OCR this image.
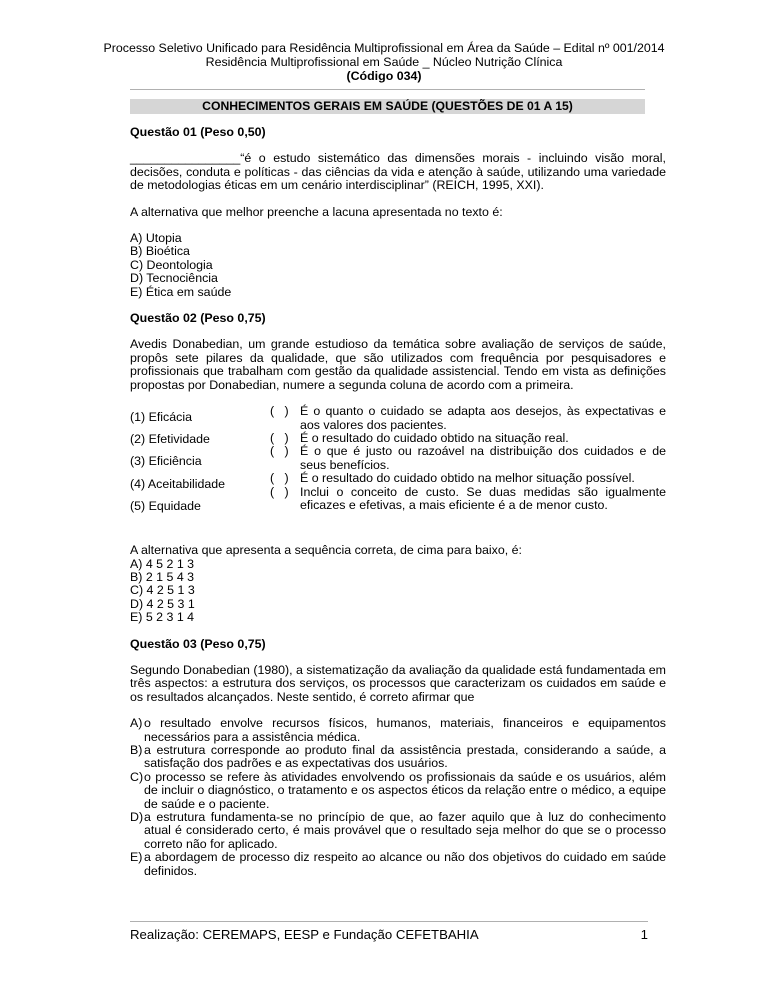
Processo Seletivo Unificado para Residência Multiprofissional em Área da Saúde – Edital nº 001/2014
Residência Multiprofissional em Saúde _ Núcleo Nutrição Clínica
(Código 034)
CONHECIMENTOS GERAIS EM SAÚDE (QUESTÕES DE 01 A 15)
Questão 01 (Peso 0,50)

________________“é o estudo sistemático das dimensões morais - incluindo visão moral, decisões, conduta e políticas - das ciências da vida e atenção à saúde, utilizando uma variedade de metodologias éticas em um cenário interdisciplinar” (REICH, 1995, XXI).

A alternativa que melhor preenche a lacuna apresentada no texto é:

A) Utopia
B) Bioética
C) Deontologia
D) Tecnociência
E) Ética em saúde
Questão 02 (Peso 0,75)

Avedis Donabedian, um grande estudioso da temática sobre avaliação de serviços de saúde, propôs sete pilares da qualidade, que são utilizados com frequência por pesquisadores e profissionais que trabalham com gestão da qualidade assistencial. Tendo em vista as definições propostas por Donabedian, numere a segunda coluna de acordo com a primeira.

(1) Eficácia
(2) Efetividade
(3) Eficiência
(4) Aceitabilidade
(5) Equidade
(   ) É o quanto o cuidado se adapta aos desejos, às expectativas e aos valores dos pacientes.
(   ) É o resultado do cuidado obtido na situação real.
(   ) É o que é justo ou razoável na distribuição dos cuidados e de seus benefícios.
(   ) É o resultado do cuidado obtido na melhor situação possível.
(   ) Inclui o conceito de custo. Se duas medidas são igualmente eficazes e efetivas, a mais eficiente é a de menor custo.
A alternativa que apresenta a sequência correta, de cima para baixo, é:
A) 4 5 2 1 3
B) 2 1 5 4 3
C) 4 2 5 1 3
D) 4 2 5 3 1
E) 5 2 3 1 4
Questão 03 (Peso 0,75)

Segundo Donabedian (1980), a sistematização da avaliação da qualidade está fundamentada em três aspectos: a estrutura dos serviços, os processos que caracterizam os cuidados em saúde e os resultados alcançados. Neste sentido, é correto afirmar que

A) o resultado envolve recursos físicos, humanos, materiais, financeiros e equipamentos necessários para a assistência médica.
B) a estrutura corresponde ao produto final da assistência prestada, considerando a saúde, a satisfação dos padrões e as expectativas dos usuários.
C) o processo se refere às atividades envolvendo os profissionais da saúde e os usuários, além de incluir o diagnóstico, o tratamento e os aspectos éticos da relação entre o médico, a equipe de saúde e o paciente.
D) a estrutura fundamenta-se no princípio de que, ao fazer aquilo que à luz do conhecimento atual é considerado certo, é mais provável que o resultado seja melhor do que se o processo correto não for aplicado.
E) a abordagem de processo diz respeito ao alcance ou não dos objetivos do cuidado em saúde definidos.
Realização: CEREMAPS, EESP e Fundação CEFETBAHIA	1
